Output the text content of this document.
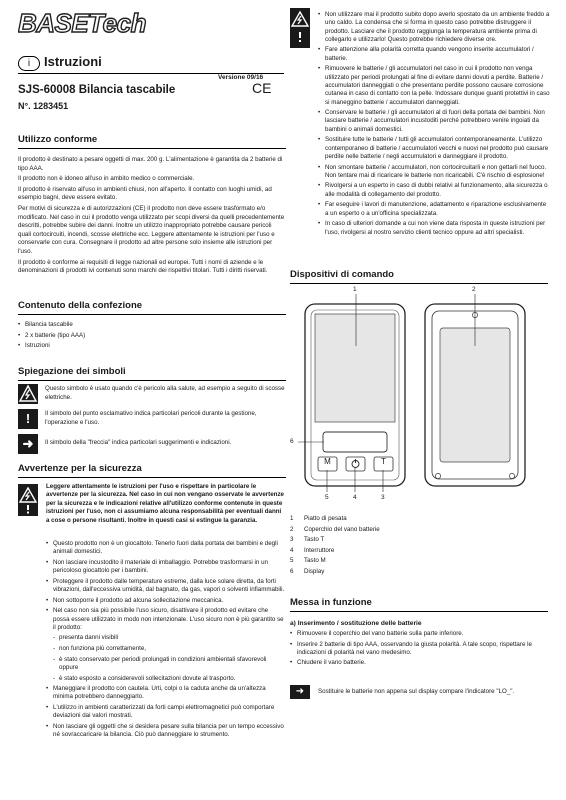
BASETech
i	Istruzioni
Versione 09/16
CE
SJS-60008 Bilancia tascabile
N°. 1283451
Utilizzo conforme

Il prodotto è destinato a pesare oggetti di max. 200 g. L'alimentazione è garantita da 2 batterie di tipo AAA.

Il prodotto non è idoneo all'uso in ambito medico o commerciale.

Il prodotto è riservato all'uso in ambienti chiusi, non all'aperto. Il contatto con luoghi umidi, ad esempio bagni, deve essere evitato.

Per motivi di sicurezza e di autorizzazioni (CE) il prodotto non deve essere trasformato e/o modificato. Nel caso in cui il prodotto venga utilizzato per scopi diversi da quelli precedentemente descritti, potrebbe subire dei danni. Inoltre un utilizzo inappropriato potrebbe causare pericoli quali cortocircuiti, incendi, scosse elettriche ecc. Leggere attentamente le istruzioni per l'uso e conservarle con cura. Consegnare il prodotto ad altre persone solo insieme alle istruzioni per l'uso.

Il prodotto è conforme ai requisiti di legge nazionali ed europei. Tutti i nomi di aziende e le denominazioni di prodotti ivi contenuti sono marchi dei rispettivi titolari. Tutti i diritti riservati.

Contenuto della confezione
• Bilancia tascabile
• 2 x batterie (tipo AAA)
• Istruzioni
Spiegazione dei simboli
Questo simbolo è usato quando c'è pericolo alla salute, ad esempio a seguito di scosse elettriche.
!	Il simbolo del punto esclamativo indica particolari pericoli durante la gestione, l'operazione e l'uso.
➜	Il simbolo della "freccia" indica particolari suggerimenti e indicazioni.
Avvertenze per la sicurezza

Leggere attentamente le istruzioni per l'uso e rispettare in particolare le avvertenze per la sicurezza. Nel caso in cui non vengano osservate le avvertenze per la sicurezza e le indicazioni relative all'utilizzo conforme contenute in queste istruzioni per l'uso, non ci assumiamo alcuna responsabilità per eventuali danni a cose o persone risultanti. Inoltre in questi casi si estingue la garanzia.

• Questo prodotto non è un giocattolo. Tenerlo fuori dalla portata dei bambini e degli animali domestici.
• Non lasciare incustodito il materiale di imballaggio. Potrebbe trasformarsi in un pericoloso giocattolo per i bambini.
• Proteggere il prodotto dalle temperature estreme, dalla luce solare diretta, da forti vibrazioni, dall'eccessiva umidità, dal bagnato, da gas, vapori o solventi infiammabili.
• Non sottoporre il prodotto ad alcuna sollecitazione meccanica.
• Nel caso non sia più possibile l'uso sicuro, disattivare il prodotto ed evitare che possa essere utilizzato in modo non intenzionale. L'uso sicuro non è più garantito se il prodotto:
- presenta danni visibili
- non funziona più correttamente,
- è stato conservato per periodi prolungati in condizioni ambientali sfavorevoli oppure
- è stato esposto a considerevoli sollecitazioni dovute al trasporto.
• Maneggiare il prodotto con cautela. Urti, colpi o la caduta anche da un'altezza minima potrebbero danneggiarlo.
• L'utilizzo in ambienti caratterizzati da forti campi elettromagnetici può comportare deviazioni dai valori mostrati.
• Non lasciare gli oggetti che si desidera pesare sulla bilancia per un tempo eccessivo né sovraccaricare la bilancia. Ciò può danneggiare lo strumento.
• Non utilizzare mai il prodotto subito dopo averlo spostato da un ambiente freddo a uno caldo. La condensa che si forma in questo caso potrebbe distruggere il prodotto. Lasciare che il prodotto raggiunga la temperatura ambiente prima di collegarlo e utilizzarlo! Questo potrebbe richiedere diverse ore.
• Fare attenzione alla polarità corretta quando vengono inserite accumulatori / batterie.
• Rimuovere le batterie / gli accumulatori nel caso in cui il prodotto non venga utilizzato per periodi prolungati al fine di evitare danni dovuti a perdite. Batterie / accumulatori danneggiati o che presentano perdite possono causare corrosione cutanea in caso di contatto con la pelle. Indossare dunque guanti protettivi in caso si maneggino batterie / accumulatori danneggiati.
• Conservare le batterie / gli accumulatori al di fuori della portata dei bambini. Non lasciare batterie / accumulatori incustoditi perché potrebbero venire ingoiati da bambini o animali domestici.
• Sostituire tutte le batterie / tutti gli accumulatori contemporaneamente. L'utilizzo contemporaneo di batterie / accumulatori vecchi e nuovi nel prodotto può causare perdite nelle batterie / negli accumulatori e danneggiare il prodotto.
• Non smontare batterie / accumulatori, non cortocircuitarli e non gettarli nel fuoco. Non tentare mai di ricaricare le batterie non ricaricabili. C'è rischio di esplosione!
• Rivolgersi a un esperto in caso di dubbi relativi al funzionamento, alla sicurezza o alle modalità di collegamento del prodotto.
• Far eseguire i lavori di manutenzione, adattamento e riparazione esclusivamente a un esperto o a un'officina specializzata.
• In caso di ulteriori domande a cui non viene data risposta in queste istruzioni per l'uso, rivolgersi al nostro servizio clienti tecnico oppure ad altri specialisti.
Dispositivi di comando
1	2
6
5	4	3
M	T
1 Piatto di pesata
2 Coperchio del vano batterie
3 Tasto T
4 Interruttore
5 Tasto M
6 Display
Messa in funzione
a) Inserimento / sostituzione delle batterie
• Rimuovere il coperchio del vano batterie sulla parte inferiore.
• Inserire 2 batterie di tipo AAA, osservando la giusta polarità. A tale scopo, rispettare le indicazioni di polarità nel vano medesimo.
• Chiudere il vano batterie.
➜	Sostituire le batterie non appena sul display compare l'indicatore "LO_".
